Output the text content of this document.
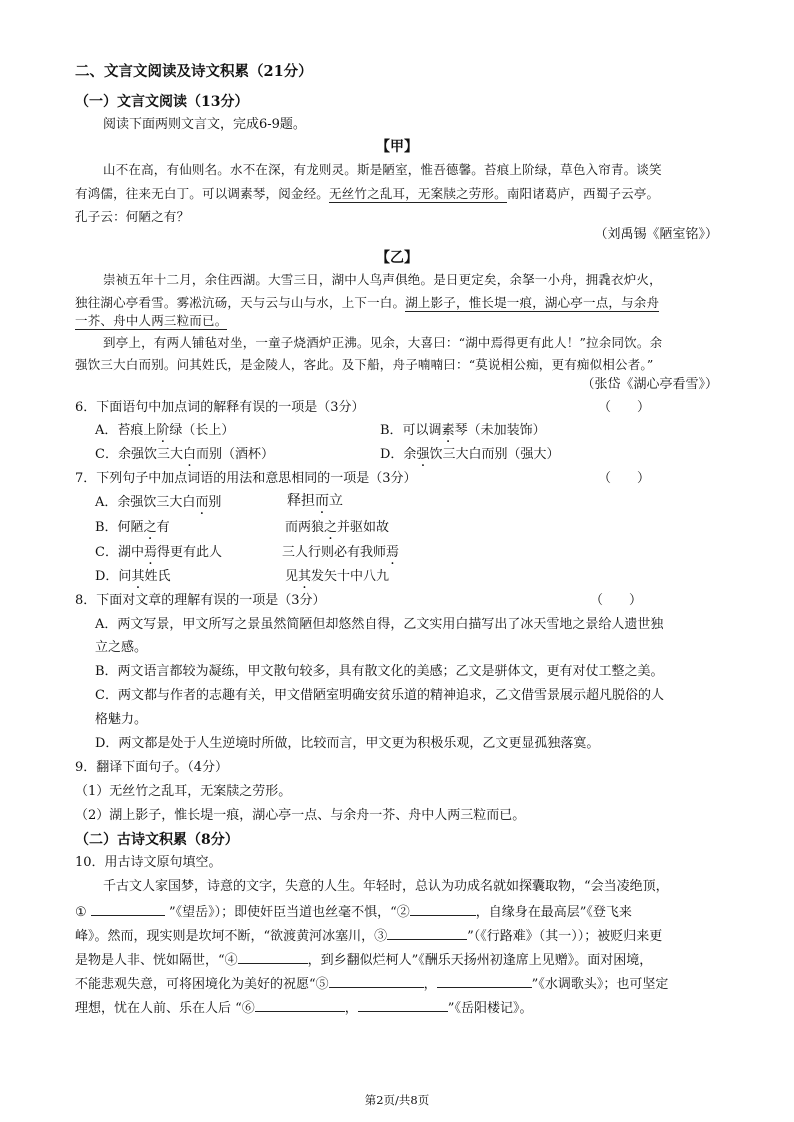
二、文言文阅读及诗文积累（21分）
（一）文言文阅读（13分）
阅读下面两则文言文，完成6-9题。
【甲】
山不在高，有仙则名。水不在深，有龙则灵。斯是陋室，惟吾德馨。苔痕上阶绿，草色入帘青。谈笑
有鸿儒，往来无白丁。可以调素琴，阅金经。无丝竹之乱耳，无案牍之劳形。南阳诸葛庐，西蜀子云亭。
孔子云：何陋之有？
（刘禹锡《陋室铭》）
【乙】
崇祯五年十二月，余住西湖。大雪三日，湖中人鸟声俱绝。是日更定矣，余拏一小舟，拥毳衣炉火，
独往湖心亭看雪。雾凇沆砀，天与云与山与水，上下一白。湖上影子，惟长堤一痕，湖心亭一点，与余舟
一芥、舟中人两三粒而已。
到亭上，有两人铺毡对坐，一童子烧酒炉正沸。见余，大喜曰：“湖中焉得更有此人！”拉余同饮。余
强饮三大白而别。问其姓氏，是金陵人，客此。及下船，舟子喃喃曰：“莫说相公痴，更有痴似相公者。”
（张岱《湖心亭看雪》）
6．下面语句中加点词的解释有误的一项是（3分）	（　　）
A．苔痕上阶绿（长上）	B．可以调素琴（未加装饰）
C．余强饮三大白而别（酒杯）	D．余强饮三大白而别（强大）
7．下列句子中加点词语的用法和意思相同的一项是（3分）	（　　）
A．余强饮三大白而别	释担而立
B．何陋之有	而两狼之并驱如故
C．湖中焉得更有此人	三人行则必有我师焉
D．问其姓氏	见其发矢十中八九
8．下面对文章的理解有误的一项是（3分）	（　　）
A．两文写景，甲文所写之景虽然简陋但却悠然自得，乙文实用白描写出了冰天雪地之景给人遗世独
立之感。
B．两文语言都较为凝练，甲文散句较多，具有散文化的美感；乙文是骈体文，更有对仗工整之美。
C．两文都与作者的志趣有关，甲文借陋室明确安贫乐道的精神追求，乙文借雪景展示超凡脱俗的人
格魅力。
D．两文都是处于人生逆境时所做，比较而言，甲文更为积极乐观，乙文更显孤独落寞。
9．翻译下面句子。（4分）
（1）无丝竹之乱耳，无案牍之劳形。
（2）湖上影子，惟长堤一痕，湖心亭一点、与余舟一芥、舟中人两三粒而已。
（二）古诗文积累（8分）
10．用古诗文原句填空。
千古文人家国梦，诗意的文字，失意的人生。年轻时，总认为功成名就如探囊取物，“会当凌绝顶，
①	”《望岳》）；即使奸臣当道也丝毫不惧，“②	，自缘身在最高层”《登飞来
峰》。然而，现实则是坎坷不断，“欲渡黄河冰塞川，③	”（《行路难》（其一））；被贬归来更
是物是人非、恍如隔世，“④	，到乡翻似烂柯人”《酬乐天扬州初逢席上见赠》。面对困境，
不能悲观失意，可将困境化为美好的祝愿“⑤	，	”《水调歌头》；也可坚定
理想，忧在人前、乐在人后 “⑥	，	”《岳阳楼记》。
第2页/共8页
